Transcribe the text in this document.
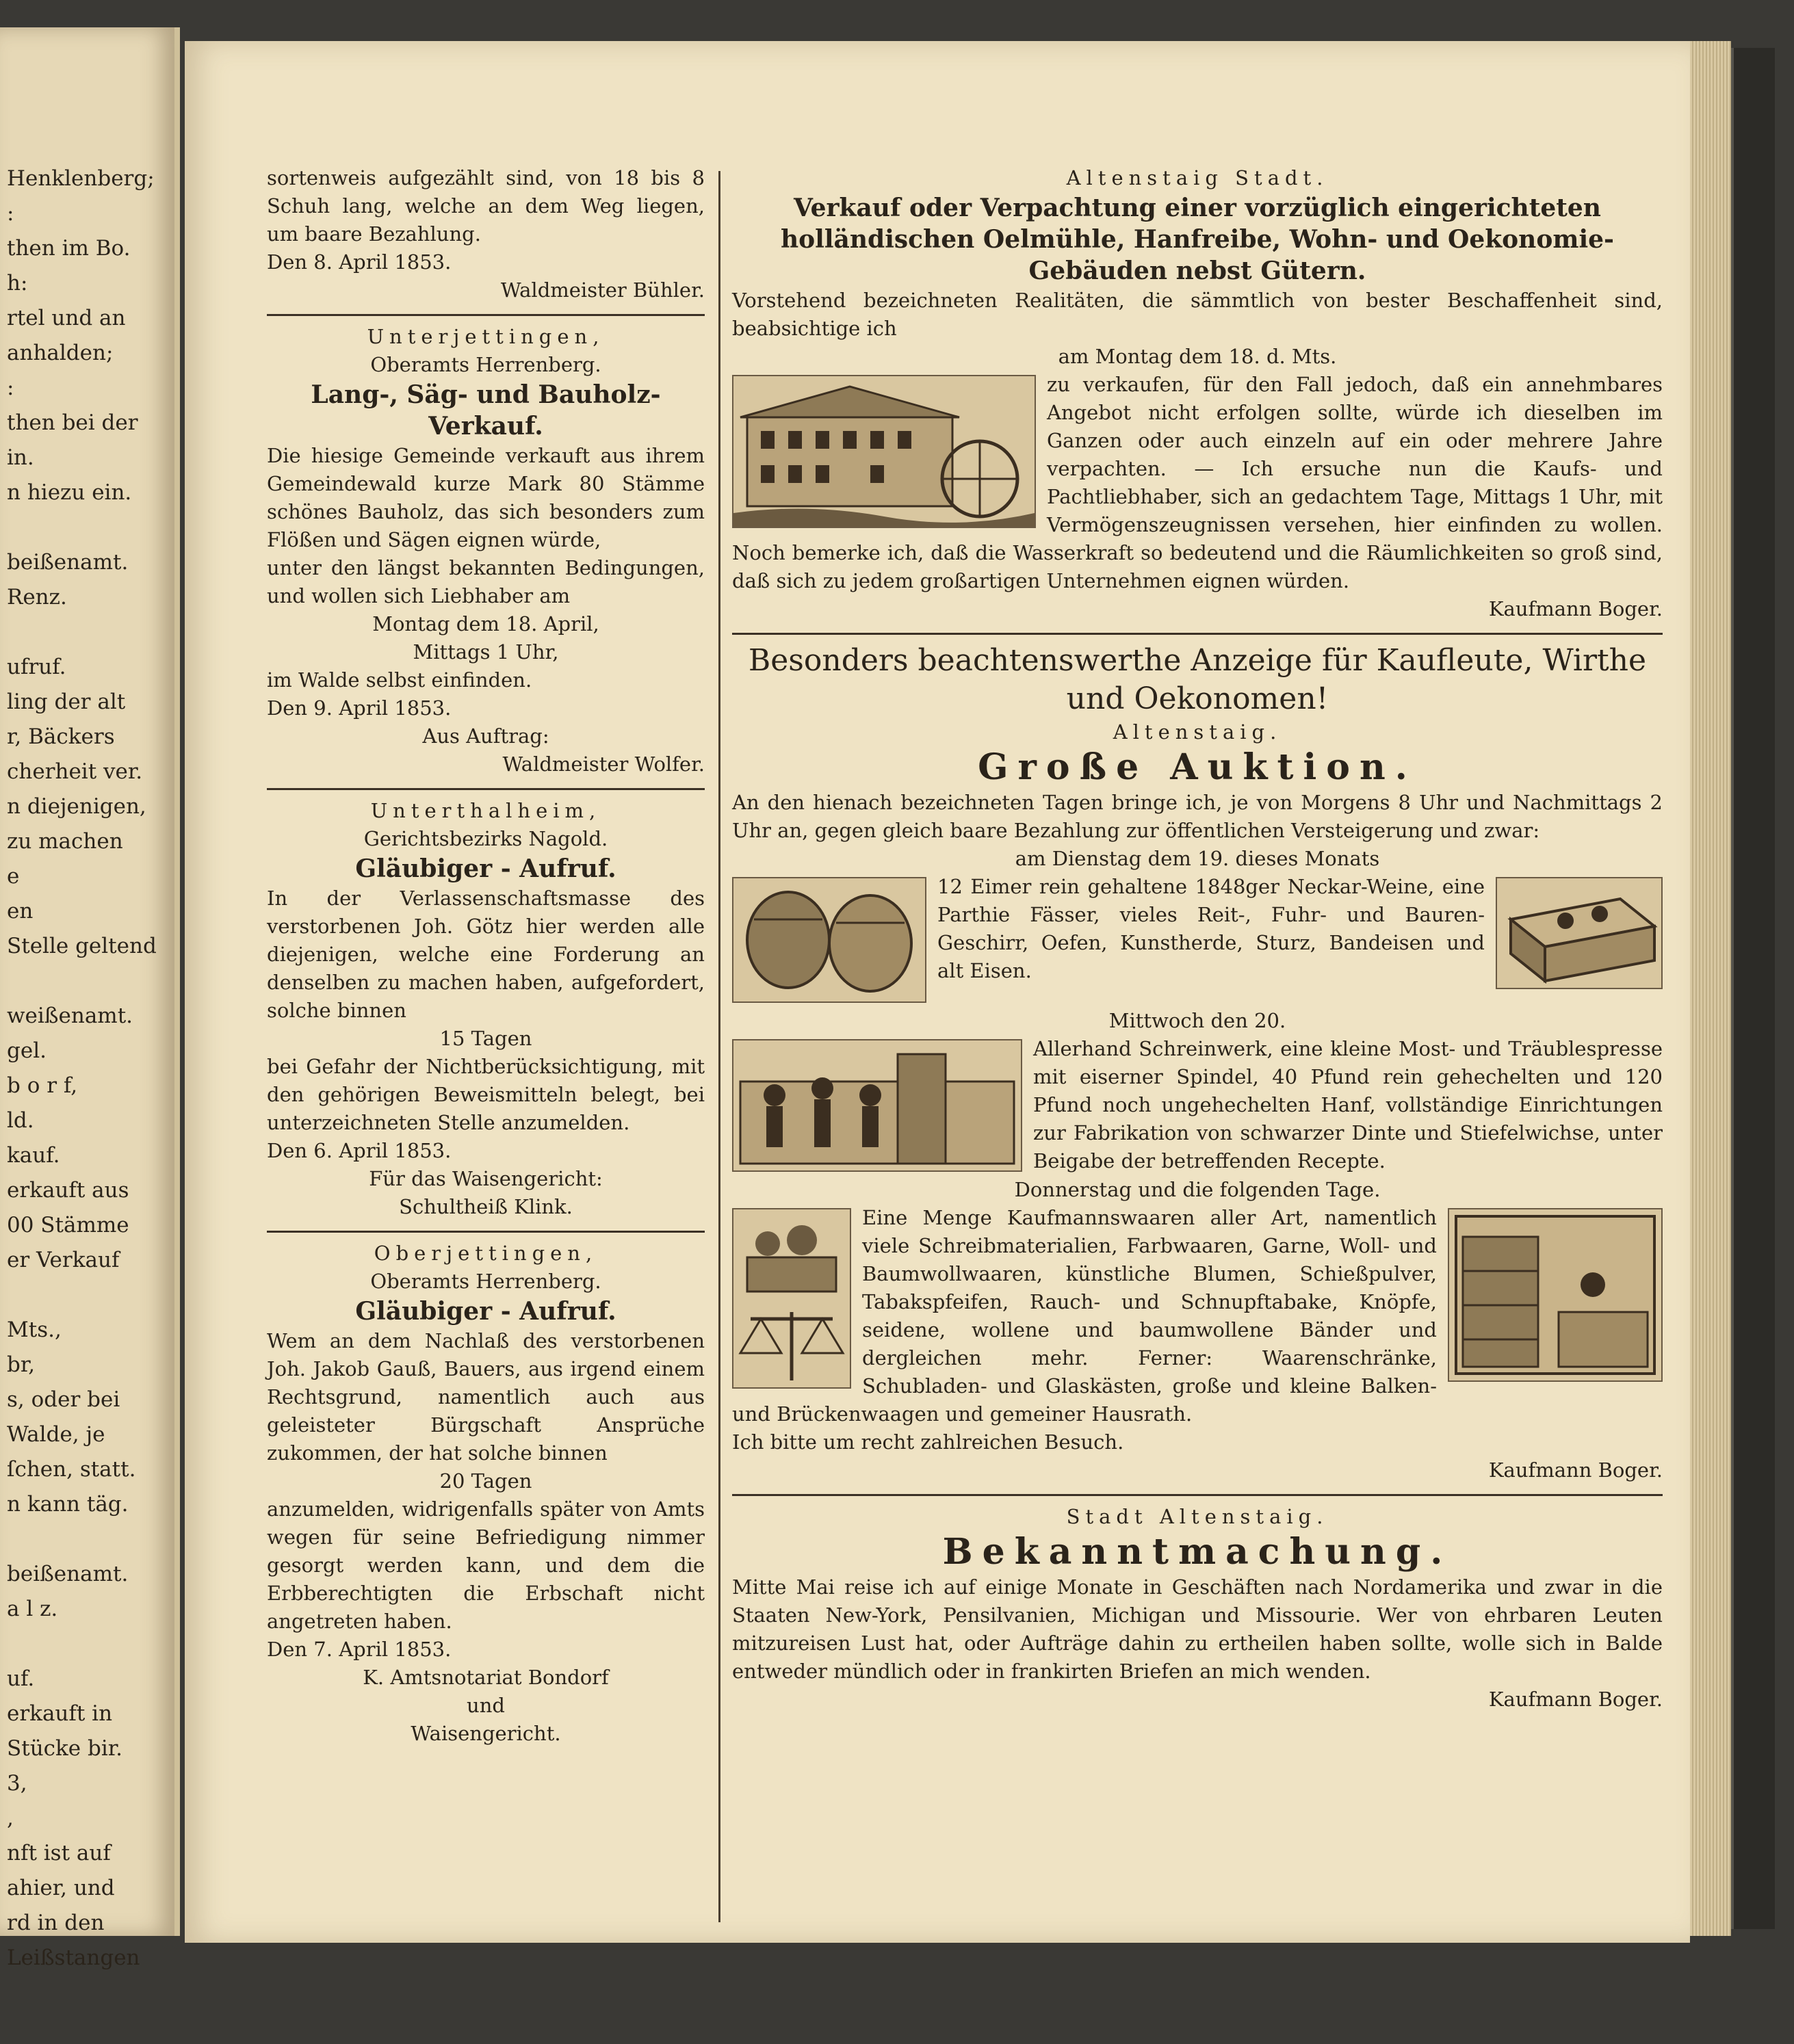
Henklenberg;
:
then im Bo.
h:
rtel und an
anhalden;
:
then bei der
in.
n hiezu ein.
beißenamt.
Renz.
ufruf.
ling der alt
r, Bäckers
cherheit ver.
n diejenigen,
zu machen
e
en
Stelle geltend
weißenamt.
gel.
b o r f,
ld.
kauf.
erkauft aus
00 Stämme
er Verkauf
Mts.,
br,
s, oder bei
Walde, je
ſchen, statt.
n kann täg.
beißenamt.
a l z.
uf.
erkauft in
Stücke bir.
3,
,
nft ist auf
ahier, und
rd in den
Leißstangen

sortenweis aufgezählt sind, von 18 bis 8 Schuh lang, welche an dem Weg liegen, um baare Bezahlung.

Den 8. April 1853.

Waldmeister Bühler.

Unterjettingen,

Oberamts Herrenberg.

Lang-, Säg- und Bauholz-Verkauf.

Die hiesige Gemeinde verkauft aus ihrem Gemeindewald kurze Mark 80 Stämme schönes Bauholz, das sich besonders zum Flößen und Sägen eignen würde,

unter den längst bekannten Bedingungen, und wollen sich Liebhaber am

Montag dem 18. April,

Mittags 1 Uhr,

im Walde selbst einfinden.

Den 9. April 1853.

Aus Auftrag:

Waldmeister Wolfer.

Unterthalheim,

Gerichtsbezirks Nagold.

Gläubiger - Aufruf.

In der Verlassenschaftsmasse des verstorbenen Joh. Götz hier werden alle diejenigen, welche eine Forderung an denselben zu machen haben, aufgefordert, solche binnen

15 Tagen

bei Gefahr der Nichtberücksichtigung, mit den gehörigen Beweismitteln belegt, bei unterzeichneten Stelle anzumelden.

Den 6. April 1853.

Für das Waisengericht:

Schultheiß Klink.

Oberjettingen,

Oberamts Herrenberg.

Gläubiger - Aufruf.

Wem an dem Nachlaß des verstorbenen Joh. Jakob Gauß, Bauers, aus irgend einem Rechtsgrund, namentlich auch aus geleisteter Bürgschaft Ansprüche zukommen, der hat solche binnen

20 Tagen

anzumelden, widrigenfalls später von Amts wegen für seine Befriedigung nimmer gesorgt werden kann, und dem die Erbberechtigten die Erbschaft nicht angetreten haben.

Den 7. April 1853.

K. Amtsnotariat Bondorf

und

Waisengericht.

Altenstaig Stadt.

Verkauf oder Verpachtung einer vorzüglich eingerichteten holländischen Oelmühle, Hanfreibe, Wohn- und Oekonomie-Gebäuden nebst Gütern.

Vorstehend bezeichneten Realitäten, die sämmtlich von bester Beschaffenheit sind, beabsichtige ich

am Montag dem 18. d. Mts.

zu verkaufen, für den Fall jedoch, daß ein annehmbares Angebot nicht erfolgen sollte, würde ich dieselben im Ganzen oder auch einzeln auf ein oder mehrere Jahre verpachten. — Ich ersuche nun die Kaufs- und Pachtliebhaber, sich an gedachtem Tage, Mittags 1 Uhr, mit Vermögenszeugnissen versehen, hier einfinden zu wollen. Noch bemerke ich, daß die Wasserkraft so bedeutend und die Räumlichkeiten so groß sind, daß sich zu jedem großartigen Unternehmen eignen würden.

Kaufmann Boger.

Besonders beachtenswerthe Anzeige für Kaufleute, Wirthe und Oekonomen!

Altenstaig.

Große Auktion.

An den hienach bezeichneten Tagen bringe ich, je von Morgens 8 Uhr und Nachmittags 2 Uhr an, gegen gleich baare Bezahlung zur öffentlichen Versteigerung und zwar:

am Dienstag dem 19. dieses Monats

12 Eimer rein gehaltene 1848ger Neckar-Weine, eine Parthie Fässer, vieles Reit-, Fuhr- und Bauren-Geschirr, Oefen, Kunstherde, Sturz, Bandeisen und alt Eisen.

Mittwoch den 20.

Allerhand Schreinwerk, eine kleine Most- und Träublespresse mit eiserner Spindel, 40 Pfund rein gehechelten und 120 Pfund noch ungehechelten Hanf, vollständige Einrichtungen zur Fabrikation von schwarzer Dinte und Stiefelwichse, unter Beigabe der betreffenden Recepte.

Donnerstag und die folgenden Tage.

Eine Menge Kaufmannswaaren aller Art, namentlich viele Schreibmaterialien, Farbwaaren, Garne, Woll- und Baumwollwaaren, künstliche Blumen, Schießpulver, Tabakspfeifen, Rauch- und Schnupftabake, Knöpfe, seidene, wollene und baumwollene Bänder und dergleichen mehr. Ferner: Waarenschränke, Schubladen- und Glaskästen, große und kleine Balken- und Brückenwaagen und gemeiner Hausrath.

Ich bitte um recht zahlreichen Besuch.

Kaufmann Boger.

Stadt Altenstaig.

Bekanntmachung.

Mitte Mai reise ich auf einige Monate in Geschäften nach Nordamerika und zwar in die Staaten New-York, Pensilvanien, Michigan und Missourie. Wer von ehrbaren Leuten mitzureisen Lust hat, oder Aufträge dahin zu ertheilen haben sollte, wolle sich in Balde entweder mündlich oder in frankirten Briefen an mich wenden.

Kaufmann Boger.
